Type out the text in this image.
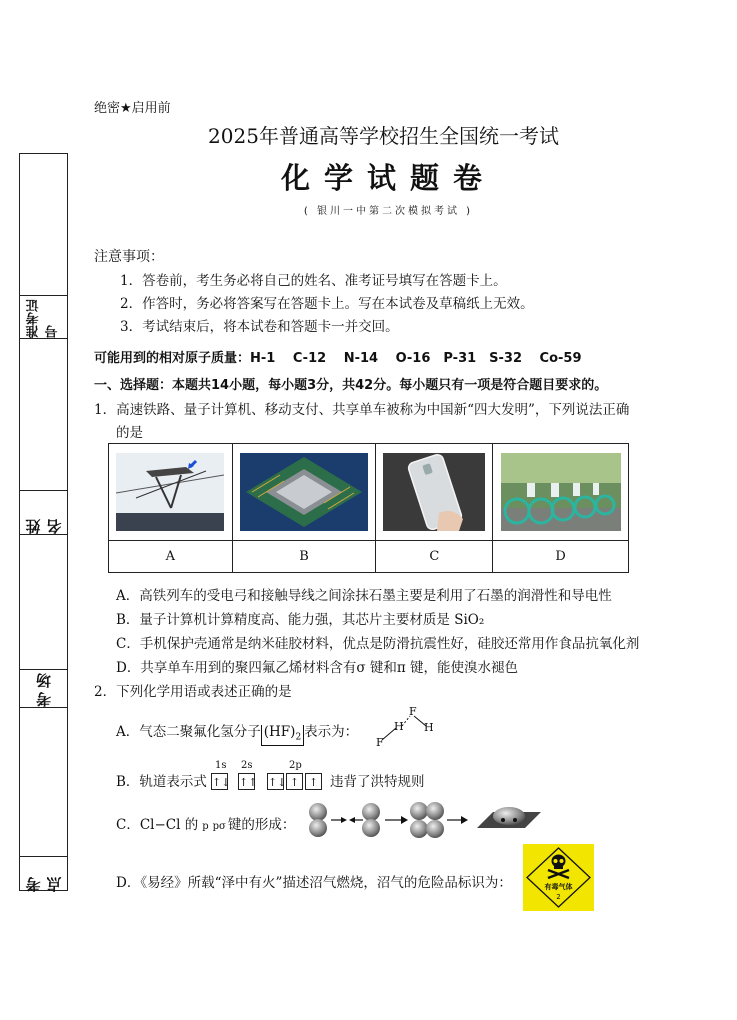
准考证号
姓名
考场
考点
绝密★启用前
2025年普通高等学校招生全国统一考试
化学试题卷
( 银川一中第二次模拟考试 )
注意事项：
1．答卷前，考生务必将自己的姓名、准考证号填写在答题卡上。
2．作答时，务必将答案写在答题卡上。写在本试卷及草稿纸上无效。
3．考试结束后，将本试卷和答题卡一并交回。
可能用到的相对原子质量：H-1　 C-12　 N-14　 O-16　P-31　S-32　 Co-59
一、选择题：本题共14小题，每小题3分，共42分。每小题只有一项是符合题目要求的。
1．高速铁路、量子计算机、移动支付、共享单车被称为中国新“四大发明”，下列说法正确
的是

A	B	C	D
A．高铁列车的受电弓和接触导线之间涂抹石墨主要是利用了石墨的润滑性和导电性
B．量子计算机计算精度高、能力强，其芯片主要材质是 SiO₂
C．手机保护壳通常是纳米硅胶材料，优点是防滑抗震性好，硅胶还常用作食品抗氧化剂
D．共享单车用到的聚四氟乙烯材料含有σ 键和π 键，能使溴水褪色
2．下列化学用语或表述正确的是
A．气态二聚氟化氢分子 $(HF)_2$ 表示为：
F
H H
F
B．轨道表示式
1s 2s	2p
↑↓ ↑↑ ↑↓ ↑ ↑ 违背了洪特规则
C．Cl−Cl 的 p pσ 键的形成：
D．《易经》所载“泽中有火”描述沼气燃烧，沼气的危险品标识为：	有毒气体
2
